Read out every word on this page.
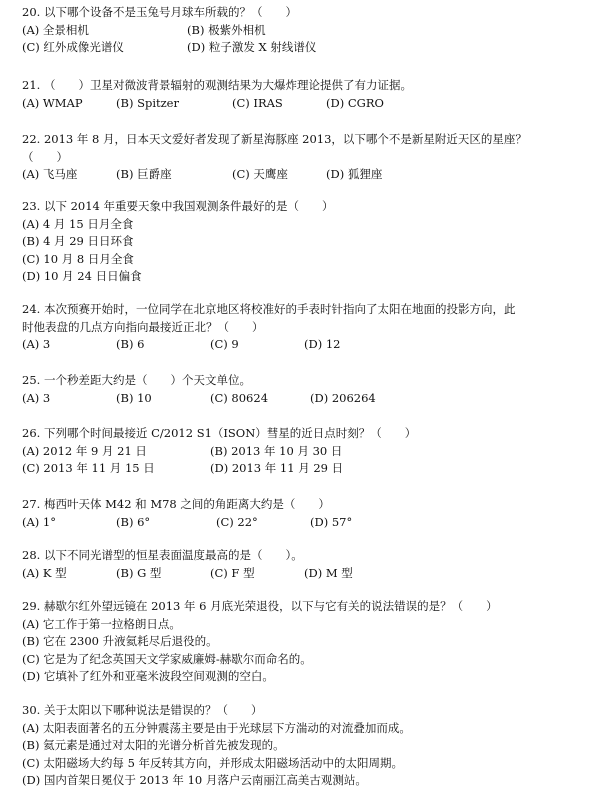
20. 以下哪个设备不是玉兔号月球车所载的？（　　）
(A) 全景相机	(B) 极紫外相机
(C) 红外成像光谱仪	(D) 粒子激发 X 射线谱仪
21. （　　）卫星对微波背景辐射的观测结果为大爆炸理论提供了有力证据。
(A) WMAP	(B) Spitzer	(C) IRAS	(D) CGRO
22. 2013 年 8 月，日本天文爱好者发现了新星海豚座 2013，以下哪个不是新星附近天区的星座？
（　　）
(A) 飞马座	(B) 巨爵座	(C) 天鹰座	(D) 狐狸座
23. 以下 2014 年重要天象中我国观测条件最好的是（　　）
(A) 4 月 15 日月全食
(B) 4 月 29 日日环食
(C) 10 月 8 日月全食
(D) 10 月 24 日日偏食
24. 本次预赛开始时，一位同学在北京地区将校准好的手表时针指向了太阳在地面的投影方向，此
时他表盘的几点方向指向最接近正北？（　　）
(A) 3	(B) 6	(C) 9	(D) 12
25. 一个秒差距大约是（　　）个天文单位。
(A) 3	(B) 10	(C) 80624	(D) 206264
26. 下列哪个时间最接近 C/2012 S1（ISON）彗星的近日点时刻？（　　）
(A) 2012 年 9 月 21 日	(B) 2013 年 10 月 30 日
(C) 2013 年 11 月 15 日	(D) 2013 年 11 月 29 日
27. 梅西叶天体 M42 和 M78 之间的角距离大约是（　　）
(A) 1°	(B) 6°	(C) 22°	(D) 57°
28. 以下不同光谱型的恒星表面温度最高的是（　　）。
(A) K 型	(B) G 型	(C) F 型	(D) M 型
29. 赫歇尔红外望远镜在 2013 年 6 月底光荣退役，以下与它有关的说法错误的是？（　　）
(A) 它工作于第一拉格朗日点。
(B) 它在 2300 升液氦耗尽后退役的。
(C) 它是为了纪念英国天文学家威廉姆-赫歇尔而命名的。
(D) 它填补了红外和亚毫米波段空间观测的空白。
30. 关于太阳以下哪种说法是错误的？（　　）
(A) 太阳表面著名的五分钟震荡主要是由于光球层下方湍动的对流叠加而成。
(B) 氦元素是通过对太阳的光谱分析首先被发现的。
(C) 太阳磁场大约每 5 年反转其方向，并形成太阳磁场活动中的太阳周期。
(D) 国内首架日冕仪于 2013 年 10 月落户云南丽江高美古观测站。
